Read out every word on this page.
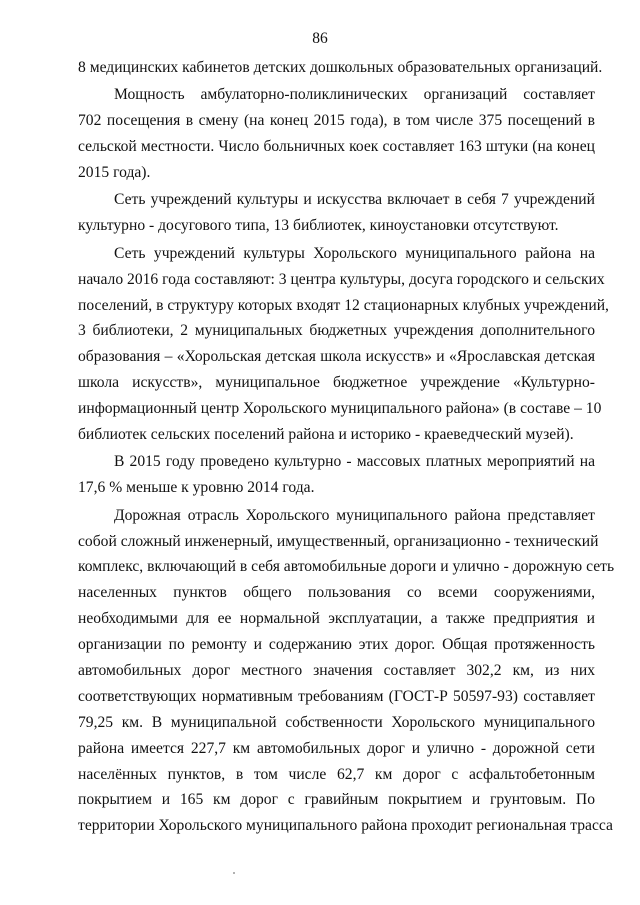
86
8 медицинских кабинетов детских дошкольных образовательных организаций.
Мощность амбулаторно-поликлинических организаций составляет
702 посещения в смену (на конец 2015 года), в том числе 375 посещений в
сельской местности. Число больничных коек составляет 163 штуки (на конец
2015 года).
Сеть учреждений культуры и искусства включает в себя 7 учреждений
культурно - досугового типа, 13 библиотек, киноустановки отсутствуют.
Сеть учреждений культуры Хорольского муниципального района на
начало 2016 года составляют: 3 центра культуры, досуга городского и сельских
поселений, в структуру которых входят 12 стационарных клубных учреждений,
3 библиотеки, 2 муниципальных бюджетных учреждения дополнительного
образования – «Хорольская детская школа искусств» и «Ярославская детская
школа искусств», муниципальное бюджетное учреждение «Культурно-
информационный центр Хорольского муниципального района» (в составе – 10
библиотек сельских поселений района и историко - краеведческий музей).
В 2015 году проведено культурно - массовых платных мероприятий на
17,6 % меньше к уровню 2014 года.
Дорожная отрасль Хорольского муниципального района представляет
собой сложный инженерный, имущественный, организационно - технический
комплекс, включающий в себя автомобильные дороги и улично - дорожную сеть
населенных пунктов общего пользования со всеми сооружениями,
необходимыми для ее нормальной эксплуатации, а также предприятия и
организации по ремонту и содержанию этих дорог. Общая протяженность
автомобильных дорог местного значения составляет 302,2 км, из них
соответствующих нормативным требованиям (ГОСТ-Р 50597-93) составляет
79,25 км. В муниципальной собственности Хорольского муниципального
района имеется 227,7 км автомобильных дорог и улично - дорожной сети
населённых пунктов, в том числе 62,7 км дорог с асфальтобетонным
покрытием и 165 км дорог с гравийным покрытием и грунтовым. По
территории Хорольского муниципального района проходит региональная трасса
